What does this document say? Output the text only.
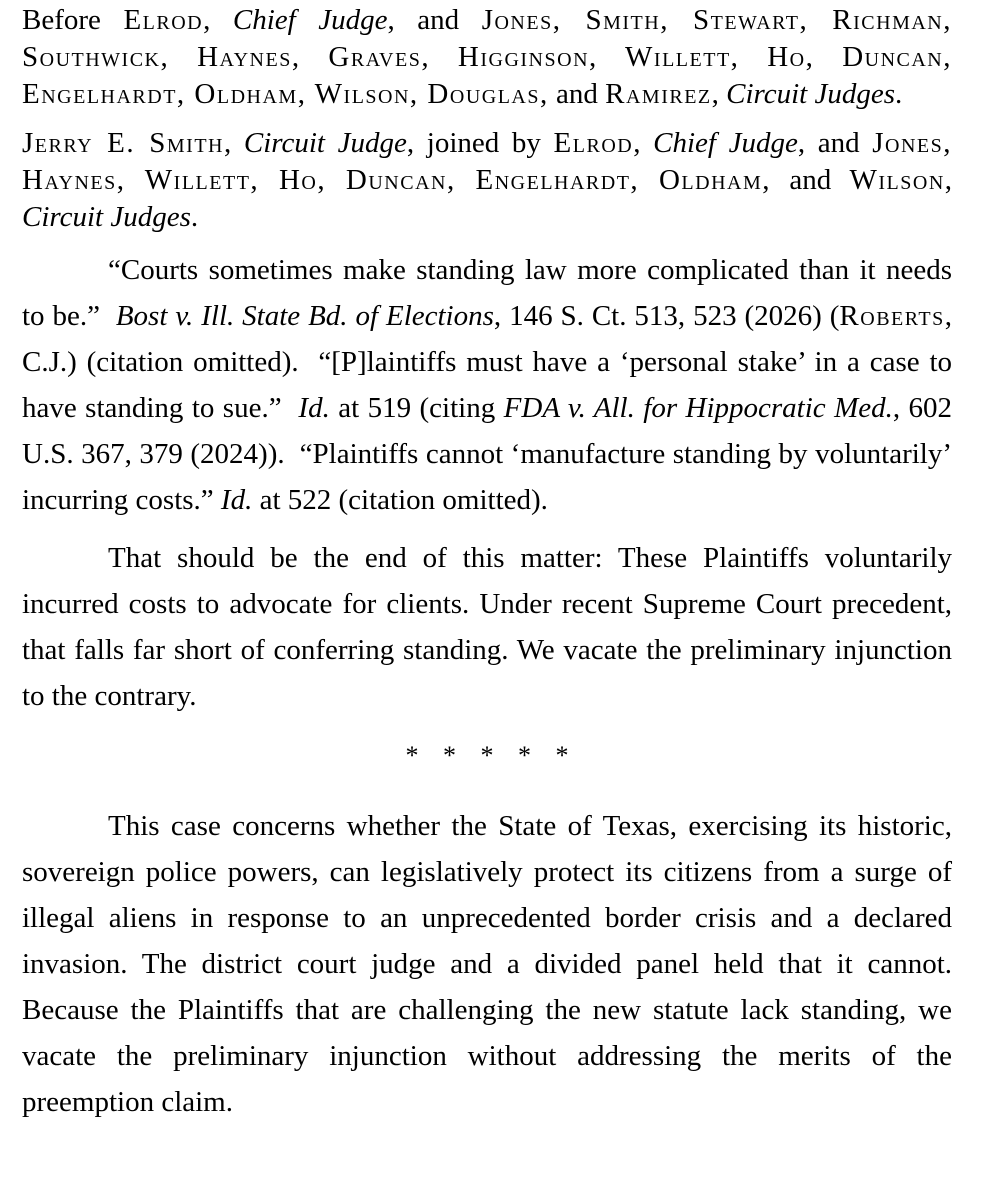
Before Elrod, Chief Judge, and Jones, Smith, Stewart, Richman, Southwick, Haynes, Graves, Higginson, Willett, Ho, Duncan, Engelhardt, Oldham, Wilson, Douglas, and Ramirez, Circuit Judges.

Jerry E. Smith, Circuit Judge, joined by Elrod, Chief Judge, and Jones, Haynes, Willett, Ho, Duncan, Engelhardt, Oldham, and Wilson, Circuit Judges.

“Courts sometimes make standing law more complicated than it needs to be.” Bost v. Ill. State Bd. of Elections, 146 S. Ct. 513, 523 (2026) (Roberts, C.J.) (citation omitted). “[P]laintiffs must have a ‘personal stake’ in a case to have standing to sue.” Id. at 519 (citing FDA v. All. for Hippocratic Med., 602 U.S. 367, 379 (2024)). “Plaintiffs cannot ‘manufacture standing by voluntarily’ incurring costs.” Id. at 522 (citation omitted).

That should be the end of this matter: These Plaintiffs voluntarily incurred costs to advocate for clients. Under recent Supreme Court precedent, that falls far short of conferring standing. We vacate the preliminary injunction to the contrary.

* * * * *

This case concerns whether the State of Texas, exercising its historic, sovereign police powers, can legislatively protect its citizens from a surge of illegal aliens in response to an unprecedented border crisis and a declared invasion. The district court judge and a divided panel held that it cannot. Because the Plaintiffs that are challenging the new statute lack standing, we vacate the preliminary injunction without addressing the merits of the preemption claim.
